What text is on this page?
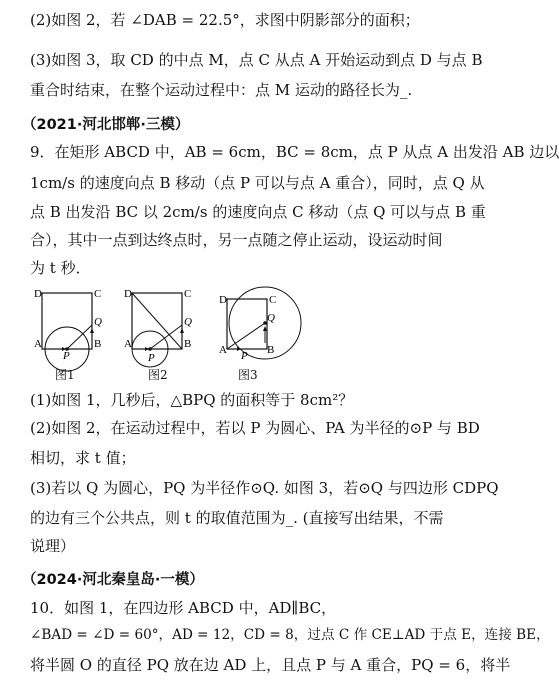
(2)如图 2，若 ∠DAB = 22.5°，求图中阴影部分的面积；
(3)如图 3，取 CD 的中点 M，点 C 从点 A 开始运动到点 D 与点 B
重合时结束，在整个运动过程中：点 M 运动的路径长为_.
（2021·河北邯郸·三模）
9．在矩形 ABCD 中，AB = 6cm，BC = 8cm，点 P 从点 A 出发沿 AB 边以
1cm/s 的速度向点 B 移动（点 P 可以与点 A 重合），同时，点 Q 从
点 B 出发沿 BC 以 2cm/s 的速度向点 C 移动（点 Q 可以与点 B 重
合），其中一点到达终点时，另一点随之停止运动，设运动时间
为 t 秒．
D	C
Q
A	B
P
图1
D	C
Q
A	B
P
图2
D	C
Q
A	B
P
图3
(1)如图 1，几秒后，△BPQ 的面积等于 8cm²？
(2)如图 2，在运动过程中，若以 P 为圆心、PA 为半径的⊙P 与 BD
相切，求 t 值；
(3)若以 Q 为圆心，PQ 为半径作⊙Q. 如图 3，若⊙Q 与四边形 CDPQ
的边有三个公共点，则 t 的取值范围为_. (直接写出结果，不需
说理）
（2024·河北秦皇岛·一模）
10．如图 1，在四边形 ABCD 中，AD∥BC，
∠BAD = ∠D = 60°，AD = 12，CD = 8，过点 C 作 CE⊥AD 于点 E，连接 BE，
将半圆 O 的直径 PQ 放在边 AD 上，且点 P 与 A 重合，PQ = 6，将半
